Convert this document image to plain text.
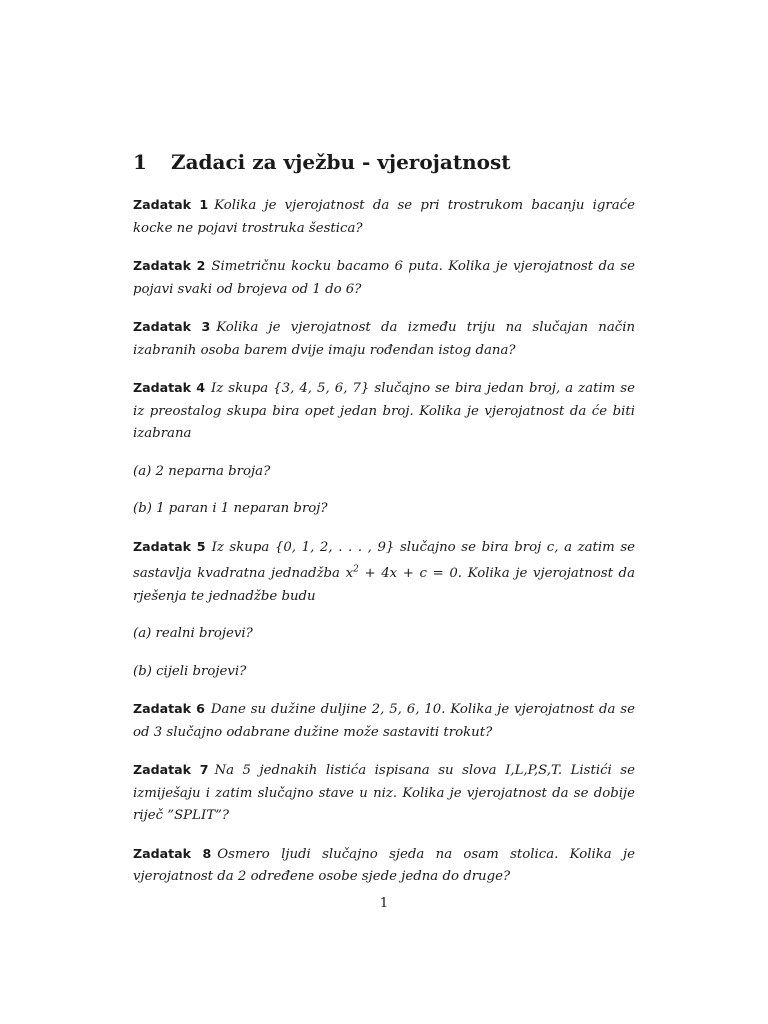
1	Zadaci za vježbu - vjerojatnost

Zadatak 1 Kolika je vjerojatnost da se pri trostrukom bacanju igraće kocke ne pojavi trostruka šestica?

Zadatak 2 Simetričnu kocku bacamo 6 puta. Kolika je vjerojatnost da se pojavi svaki od brojeva od 1 do 6?

Zadatak 3 Kolika je vjerojatnost da između triju na slučajan način izabranih osoba barem dvije imaju rođendan istog dana?

Zadatak 4 Iz skupa {3, 4, 5, 6, 7} slučajno se bira jedan broj, a zatim se iz preostalog skupa bira opet jedan broj. Kolika je vjerojatnost da će biti izabrana

(a) 2 neparna broja?

(b) 1 paran i 1 neparan broj?

Zadatak 5 Iz skupa {0, 1, 2, . . . , 9} slučajno se bira broj c, a zatim se sastavlja kvadratna jednadžba $x^2 + 4x + c = 0$. Kolika je vjerojatnost da rješenja te jednadžbe budu

(a) realni brojevi?

(b) cijeli brojevi?

Zadatak 6 Dane su dužine duljine 2, 5, 6, 10. Kolika je vjerojatnost da se od 3 slučajno odabrane dužine može sastaviti trokut?

Zadatak 7 Na 5 jednakih listića ispisana su slova I,L,P,S,T. Listići se izmiješaju i zatim slučajno stave u niz. Kolika je vjerojatnost da se dobije riječ ”SPLIT”?

Zadatak 8 Osmero ljudi slučajno sjeda na osam stolica. Kolika je vjerojatnost da 2 određene osobe sjede jedna do druge?

1
